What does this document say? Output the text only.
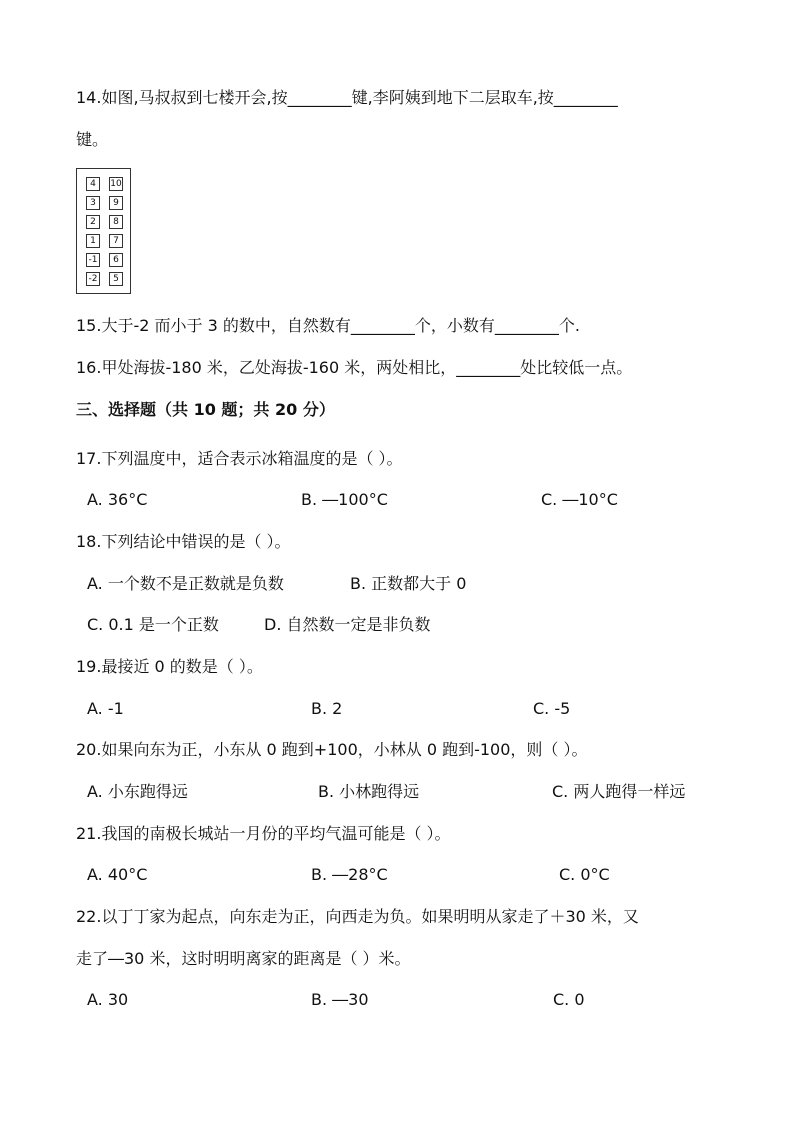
14.如图,马叔叔到七楼开会,按________键,李阿姨到地下二层取车,按________
键。
4	10
3	9
2	8
1	7
-1	6
-2	5
15.大于-2 而小于 3 的数中，自然数有________个，小数有________个.
16.甲处海拔-180 米，乙处海拔-160 米，两处相比，________处比较低一点。
三、选择题（共 10 题；共 20 分）
17.下列温度中，适合表示冰箱温度的是（ ）。
A. 36°C	B. ―100°C	C. ―10°C
18.下列结论中错误的是（ ）。
A. 一个数不是正数就是负数	B. 正数都大于 0
C. 0.1 是一个正数	D. 自然数一定是非负数
19.最接近 0 的数是（ ）。
A. -1	B. 2	C. -5
20.如果向东为正，小东从 0 跑到+100，小林从 0 跑到-100，则（ ）。
A. 小东跑得远	B. 小林跑得远	C. 两人跑得一样远
21.我国的南极长城站一月份的平均气温可能是（ ）。
A. 40°C	B. ―28°C	C. 0°C
22.以丁丁家为起点，向东走为正，向西走为负。如果明明从家走了＋30 米，又
走了―30 米，这时明明离家的距离是（ ）米。
A. 30	B. ―30	C. 0
